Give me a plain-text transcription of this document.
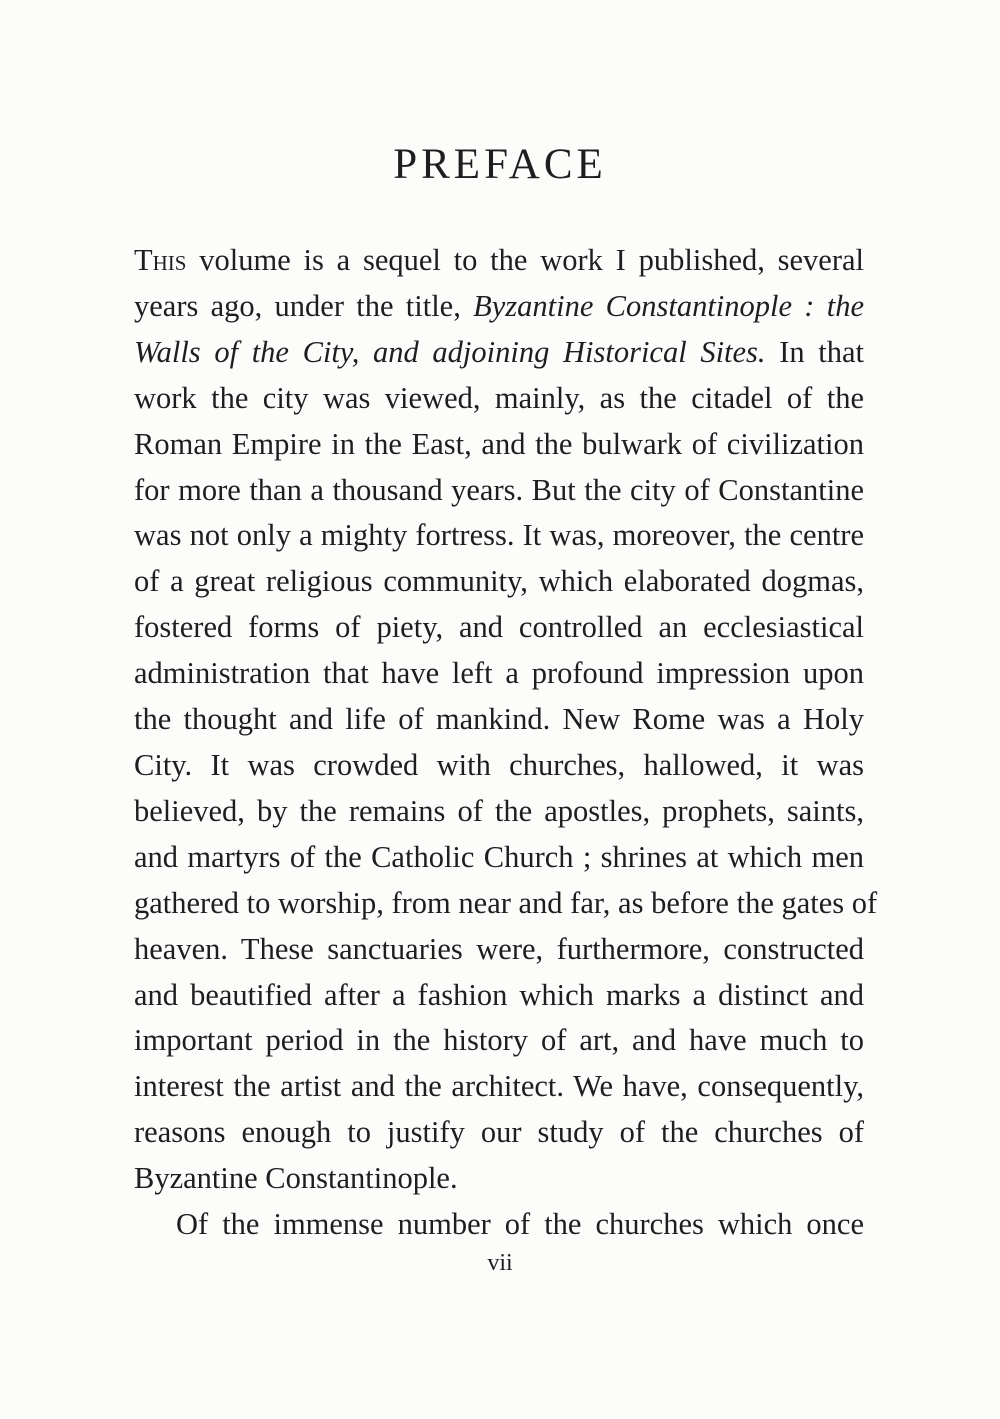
PREFACE
This volume is a sequel to the work I published, several
years ago, under the title, Byzantine Constantinople : the
Walls of the City, and adjoining Historical Sites. In that
work the city was viewed, mainly, as the citadel of the
Roman Empire in the East, and the bulwark of civilization
for more than a thousand years. But the city of Constantine
was not only a mighty fortress. It was, moreover, the centre
of a great religious community, which elaborated dogmas,
fostered forms of piety, and controlled an ecclesiastical
administration that have left a profound impression upon
the thought and life of mankind. New Rome was a Holy
City. It was crowded with churches, hallowed, it was
believed, by the remains of the apostles, prophets, saints,
and martyrs of the Catholic Church ; shrines at which men
gathered to worship, from near and far, as before the gates of
heaven. These sanctuaries were, furthermore, constructed
and beautified after a fashion which marks a distinct and
important period in the history of art, and have much to
interest the artist and the architect. We have, consequently,
reasons enough to justify our study of the churches of
Byzantine Constantinople.
Of the immense number of the churches which once
vii
